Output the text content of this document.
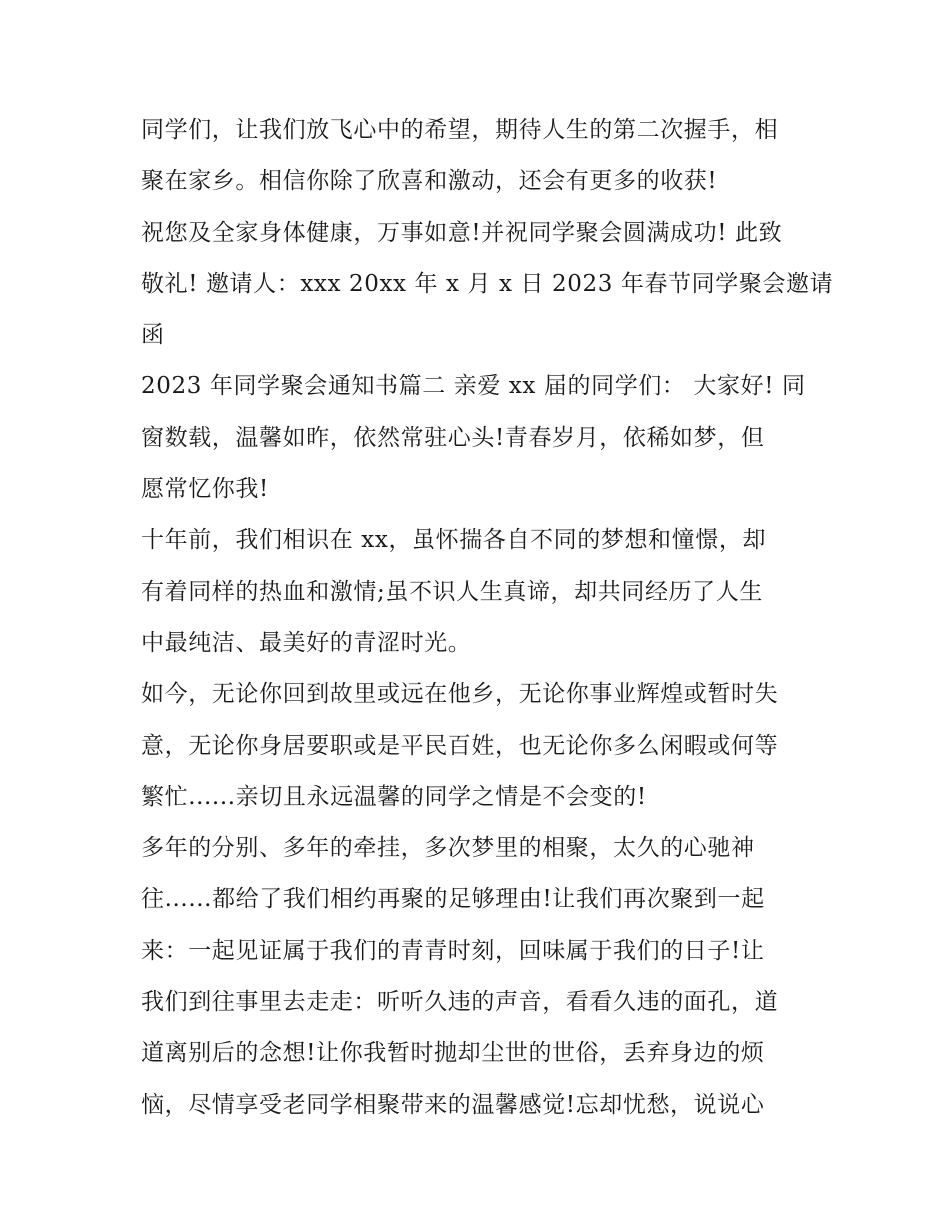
同学们，让我们放飞心中的希望，期待人生的第二次握手，相
聚在家乡。相信你除了欣喜和激动，还会有更多的收获!
祝您及全家身体健康，万事如意!并祝同学聚会圆满成功! 此致
敬礼! 邀请人：xxx 20xx 年 x 月 x 日 2023 年春节同学聚会邀请
函
2023 年同学聚会通知书篇二 亲爱 xx 届的同学们： 大家好! 同
窗数载，温馨如昨，依然常驻心头!青春岁月，依稀如梦，但
愿常忆你我!
十年前，我们相识在 xx，虽怀揣各自不同的梦想和憧憬，却
有着同样的热血和激情;虽不识人生真谛，却共同经历了人生
中最纯洁、最美好的青涩时光。
如今，无论你回到故里或远在他乡，无论你事业辉煌或暂时失
意，无论你身居要职或是平民百姓，也无论你多么闲暇或何等
繁忙......亲切且永远温馨的同学之情是不会变的!
多年的分别、多年的牵挂，多次梦里的相聚，太久的心驰神
往......都给了我们相约再聚的足够理由!让我们再次聚到一起
来：一起见证属于我们的青青时刻，回味属于我们的日子!让
我们到往事里去走走：听听久违的声音，看看久违的面孔，道
道离别后的念想!让你我暂时抛却尘世的世俗，丢弃身边的烦
恼，尽情享受老同学相聚带来的温馨感觉!忘却忧愁，说说心
